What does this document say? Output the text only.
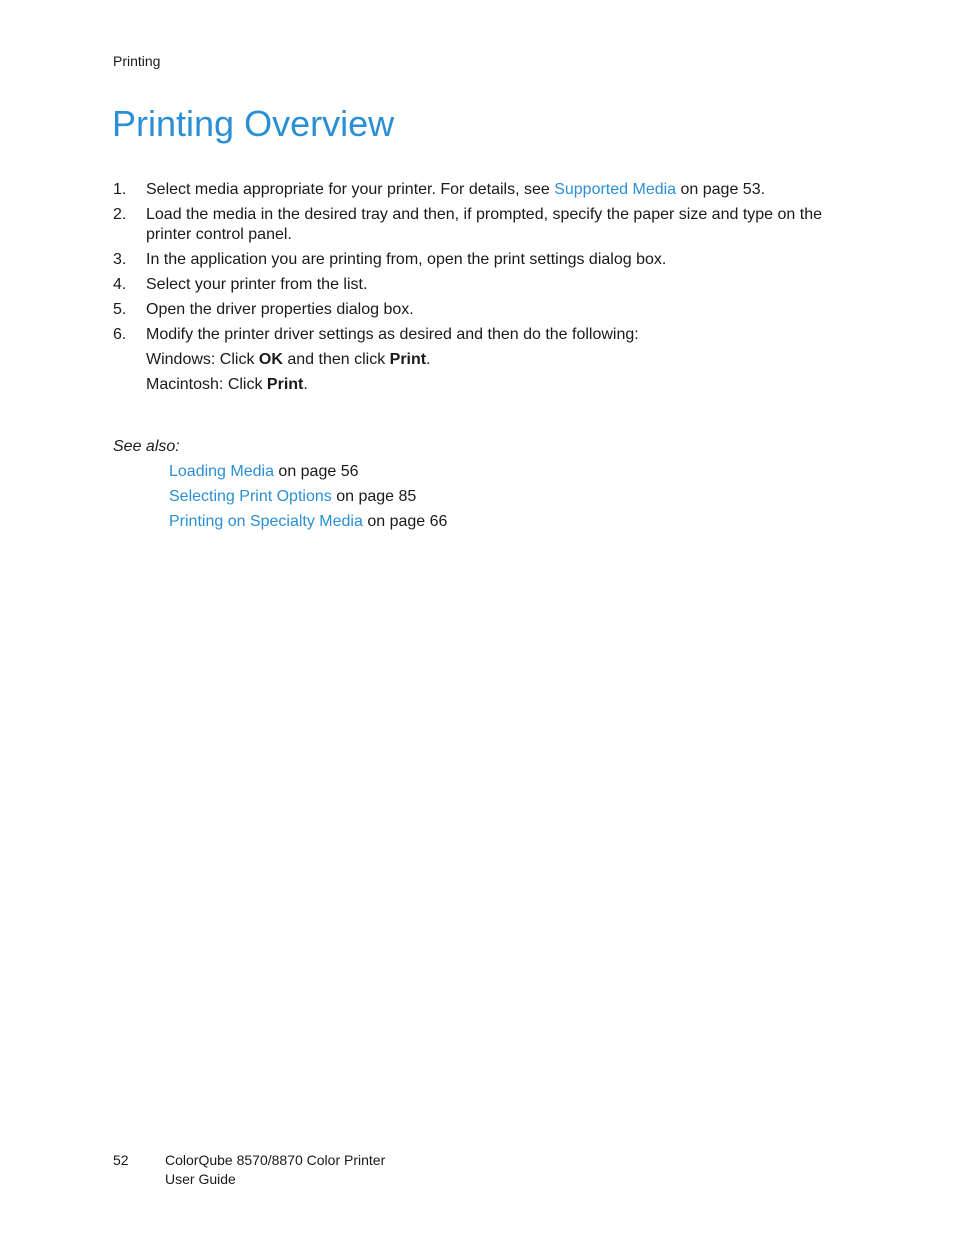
Printing
Printing Overview
1.	Select media appropriate for your printer. For details, see Supported Media on page 53.
2.	Load the media in the desired tray and then, if prompted, specify the paper size and type on the printer control panel.
3.	In the application you are printing from, open the print settings dialog box.
4.	Select your printer from the list.
5.	Open the driver properties dialog box.
6.	Modify the printer driver settings as desired and then do the following:
Windows: Click OK and then click Print.
Macintosh: Click Print.
See also:
Loading Media on page 56
Selecting Print Options on page 85
Printing on Specialty Media on page 66
52	ColorQube 8570/8870 Color Printer
User Guide
